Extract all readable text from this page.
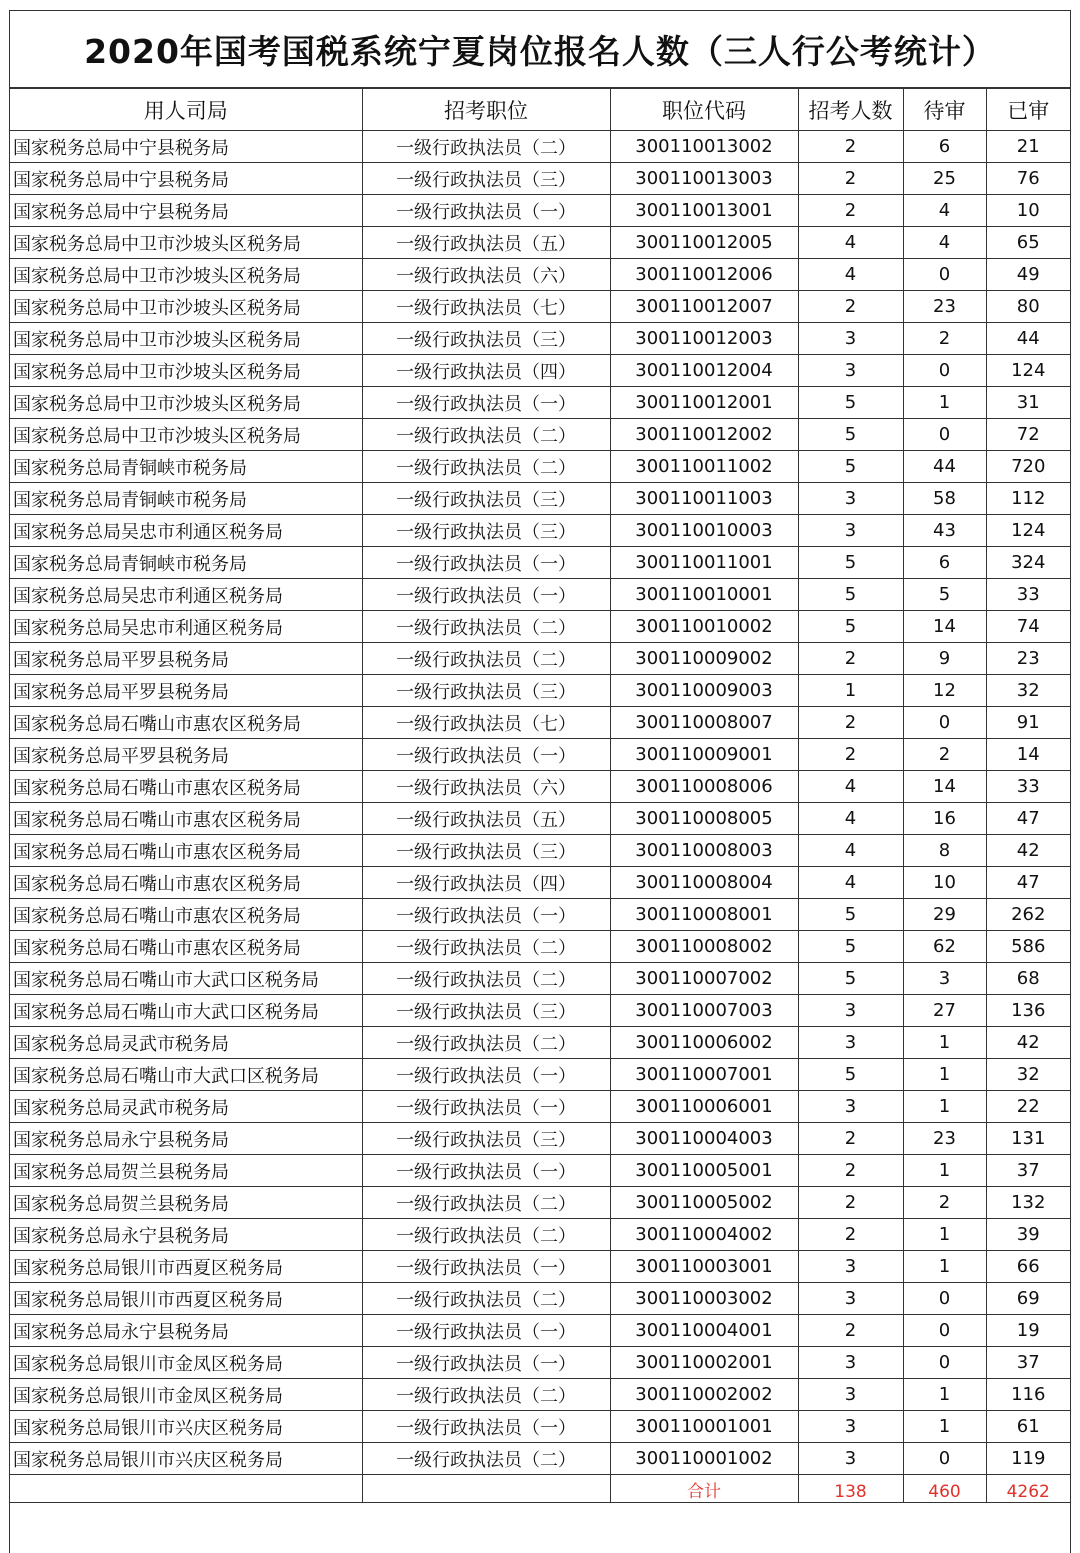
2020年国考国税系统宁夏岗位报名人数（三人行公考统计）
用人司局	招考职位	职位代码	招考人数	待审	已审
国家税务总局中宁县税务局	一级行政执法员（二）	300110013002	2	6	21
国家税务总局中宁县税务局	一级行政执法员（三）	300110013003	2	25	76
国家税务总局中宁县税务局	一级行政执法员（一）	300110013001	2	4	10
国家税务总局中卫市沙坡头区税务局	一级行政执法员（五）	300110012005	4	4	65
国家税务总局中卫市沙坡头区税务局	一级行政执法员（六）	300110012006	4	0	49
国家税务总局中卫市沙坡头区税务局	一级行政执法员（七）	300110012007	2	23	80
国家税务总局中卫市沙坡头区税务局	一级行政执法员（三）	300110012003	3	2	44
国家税务总局中卫市沙坡头区税务局	一级行政执法员（四）	300110012004	3	0	124
国家税务总局中卫市沙坡头区税务局	一级行政执法员（一）	300110012001	5	1	31
国家税务总局中卫市沙坡头区税务局	一级行政执法员（二）	300110012002	5	0	72
国家税务总局青铜峡市税务局	一级行政执法员（二）	300110011002	5	44	720
国家税务总局青铜峡市税务局	一级行政执法员（三）	300110011003	3	58	112
国家税务总局吴忠市利通区税务局	一级行政执法员（三）	300110010003	3	43	124
国家税务总局青铜峡市税务局	一级行政执法员（一）	300110011001	5	6	324
国家税务总局吴忠市利通区税务局	一级行政执法员（一）	300110010001	5	5	33
国家税务总局吴忠市利通区税务局	一级行政执法员（二）	300110010002	5	14	74
国家税务总局平罗县税务局	一级行政执法员（二）	300110009002	2	9	23
国家税务总局平罗县税务局	一级行政执法员（三）	300110009003	1	12	32
国家税务总局石嘴山市惠农区税务局	一级行政执法员（七）	300110008007	2	0	91
国家税务总局平罗县税务局	一级行政执法员（一）	300110009001	2	2	14
国家税务总局石嘴山市惠农区税务局	一级行政执法员（六）	300110008006	4	14	33
国家税务总局石嘴山市惠农区税务局	一级行政执法员（五）	300110008005	4	16	47
国家税务总局石嘴山市惠农区税务局	一级行政执法员（三）	300110008003	4	8	42
国家税务总局石嘴山市惠农区税务局	一级行政执法员（四）	300110008004	4	10	47
国家税务总局石嘴山市惠农区税务局	一级行政执法员（一）	300110008001	5	29	262
国家税务总局石嘴山市惠农区税务局	一级行政执法员（二）	300110008002	5	62	586
国家税务总局石嘴山市大武口区税务局	一级行政执法员（二）	300110007002	5	3	68
国家税务总局石嘴山市大武口区税务局	一级行政执法员（三）	300110007003	3	27	136
国家税务总局灵武市税务局	一级行政执法员（二）	300110006002	3	1	42
国家税务总局石嘴山市大武口区税务局	一级行政执法员（一）	300110007001	5	1	32
国家税务总局灵武市税务局	一级行政执法员（一）	300110006001	3	1	22
国家税务总局永宁县税务局	一级行政执法员（三）	300110004003	2	23	131
国家税务总局贺兰县税务局	一级行政执法员（一）	300110005001	2	1	37
国家税务总局贺兰县税务局	一级行政执法员（二）	300110005002	2	2	132
国家税务总局永宁县税务局	一级行政执法员（二）	300110004002	2	1	39
国家税务总局银川市西夏区税务局	一级行政执法员（一）	300110003001	3	1	66
国家税务总局银川市西夏区税务局	一级行政执法员（二）	300110003002	3	0	69
国家税务总局永宁县税务局	一级行政执法员（一）	300110004001	2	0	19
国家税务总局银川市金凤区税务局	一级行政执法员（一）	300110002001	3	0	37
国家税务总局银川市金凤区税务局	一级行政执法员（二）	300110002002	3	1	116
国家税务总局银川市兴庆区税务局	一级行政执法员（一）	300110001001	3	1	61
国家税务总局银川市兴庆区税务局	一级行政执法员（二）	300110001002	3	0	119
		合计	138	460	4262
